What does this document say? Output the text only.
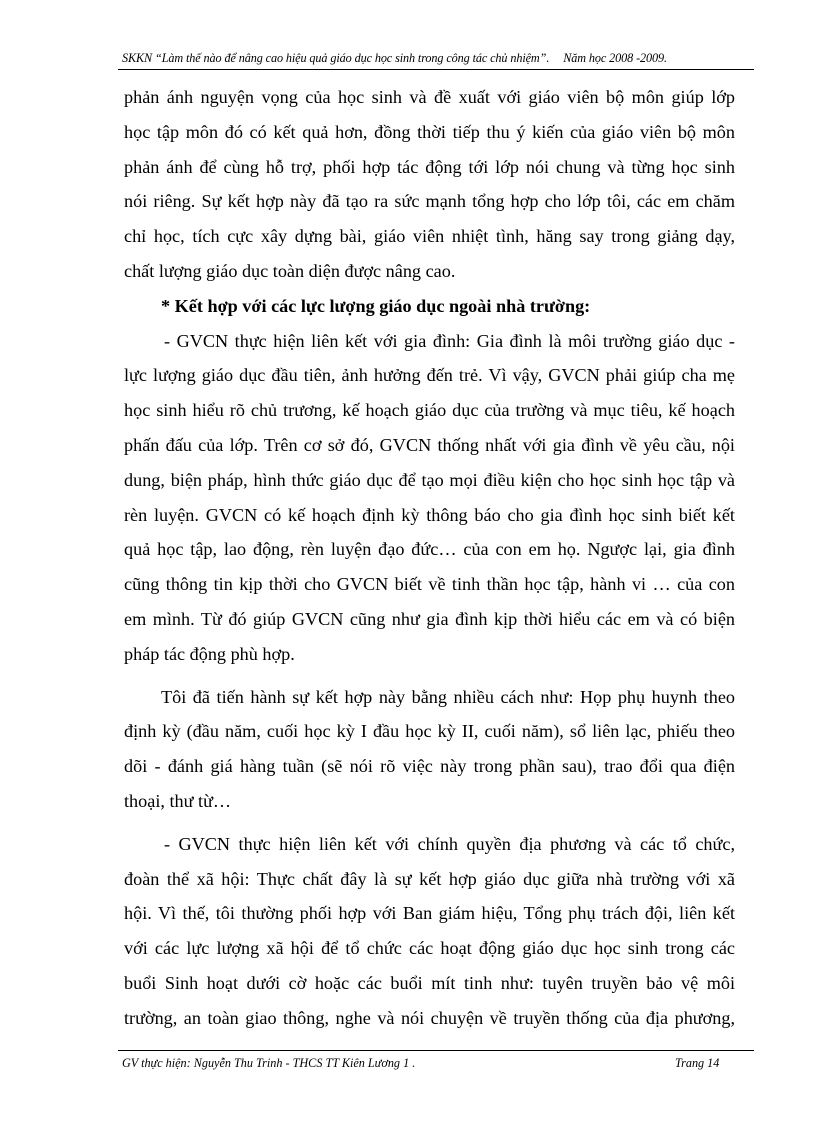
SKKN “Làm thế nào để nâng cao hiệu quả giáo dục học sinh trong công tác chủ nhiệm”. Năm học 2008 -2009.
phản ánh nguyện vọng của học sinh và đề xuất với giáo viên bộ môn giúp lớp
học tập môn đó có kết quả hơn, đồng thời tiếp thu ý kiến của giáo viên bộ môn
phản ánh để cùng hỗ trợ, phối hợp tác động tới lớp nói chung và từng học sinh
nói riêng. Sự kết hợp này đã tạo ra sức mạnh tổng hợp cho lớp tôi, các em chăm
chỉ học, tích cực xây dựng bài, giáo viên nhiệt tình, hăng say trong giảng dạy,
chất lượng giáo dục toàn diện được nâng cao.
* Kết hợp với các lực lượng giáo dục ngoài nhà trường:
- GVCN thực hiện liên kết với gia đình: Gia đình là môi trường giáo dục -
lực lượng giáo dục đầu tiên, ảnh hưởng đến trẻ. Vì vậy, GVCN phải giúp cha mẹ
học sinh hiểu rõ chủ trương, kế hoạch giáo dục của trường và mục tiêu, kế hoạch
phấn đấu của lớp. Trên cơ sở đó, GVCN thống nhất với gia đình về yêu cầu, nội
dung, biện pháp, hình thức giáo dục để tạo mọi điều kiện cho học sinh học tập và
rèn luyện. GVCN có kế hoạch định kỳ thông báo cho gia đình học sinh biết kết
quả học tập, lao động, rèn luyện đạo đức… của con em họ. Ngược lại, gia đình
cũng thông tin kịp thời cho GVCN biết về tinh thần học tập, hành vi … của con
em mình. Từ đó giúp GVCN cũng như gia đình kịp thời hiểu các em và có biện
pháp tác động phù hợp.
Tôi đã tiến hành sự kết hợp này bằng nhiều cách như: Họp phụ huynh theo
định kỳ (đầu năm, cuối học kỳ I đầu học kỳ II, cuối năm), sổ liên lạc, phiếu theo
dõi - đánh giá hàng tuần (sẽ nói rõ việc này trong phần sau), trao đổi qua điện
thoại, thư từ…
- GVCN thực hiện liên kết với chính quyền địa phương và các tổ chức,
đoàn thể xã hội: Thực chất đây là sự kết hợp giáo dục giữa nhà trường với xã
hội. Vì thế, tôi thường phối hợp với Ban giám hiệu, Tổng phụ trách đội, liên kết
với các lực lượng xã hội để tổ chức các hoạt động giáo dục học sinh trong các
buổi Sinh hoạt dưới cờ hoặc các buổi mít tinh như: tuyên truyền bảo vệ môi
trường, an toàn giao thông, nghe và nói chuyện về truyền thống của địa phương,
GV thực hiện: Nguyễn Thu Trinh - THCS TT Kiên Lương 1 .	Trang 14
